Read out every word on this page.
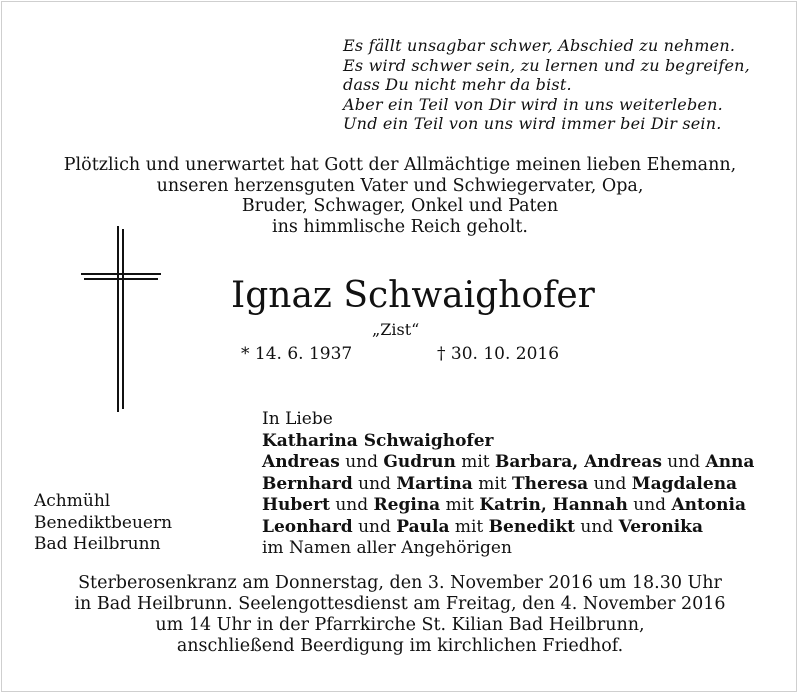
Es fällt unsagbar schwer, Abschied zu nehmen.
Es wird schwer sein, zu lernen und zu begreifen,
dass Du nicht mehr da bist.
Aber ein Teil von Dir wird in uns weiterleben.
Und ein Teil von uns wird immer bei Dir sein.
Plötzlich und unerwartet hat Gott der Allmächtige meinen lieben Ehemann,
unseren herzensguten Vater und Schwiegervater, Opa,
Bruder, Schwager, Onkel und Paten
ins himmlische Reich geholt.
Ignaz Schwaighofer
„Zist“
* 14. 6. 1937	† 30. 10. 2016
In Liebe
Katharina Schwaighofer
Andreas und Gudrun mit Barbara, Andreas und Anna
Bernhard und Martina mit Theresa und Magdalena
Hubert und Regina mit Katrin, Hannah und Antonia
Leonhard und Paula mit Benedikt und Veronika
im Namen aller Angehörigen
Achmühl
Benediktbeuern
Bad Heilbrunn
Sterberosenkranz am Donnerstag, den 3. November 2016 um 18.30 Uhr
in Bad Heilbrunn. Seelengottesdienst am Freitag, den 4. November 2016
um 14 Uhr in der Pfarrkirche St. Kilian Bad Heilbrunn,
anschließend Beerdigung im kirchlichen Friedhof.
